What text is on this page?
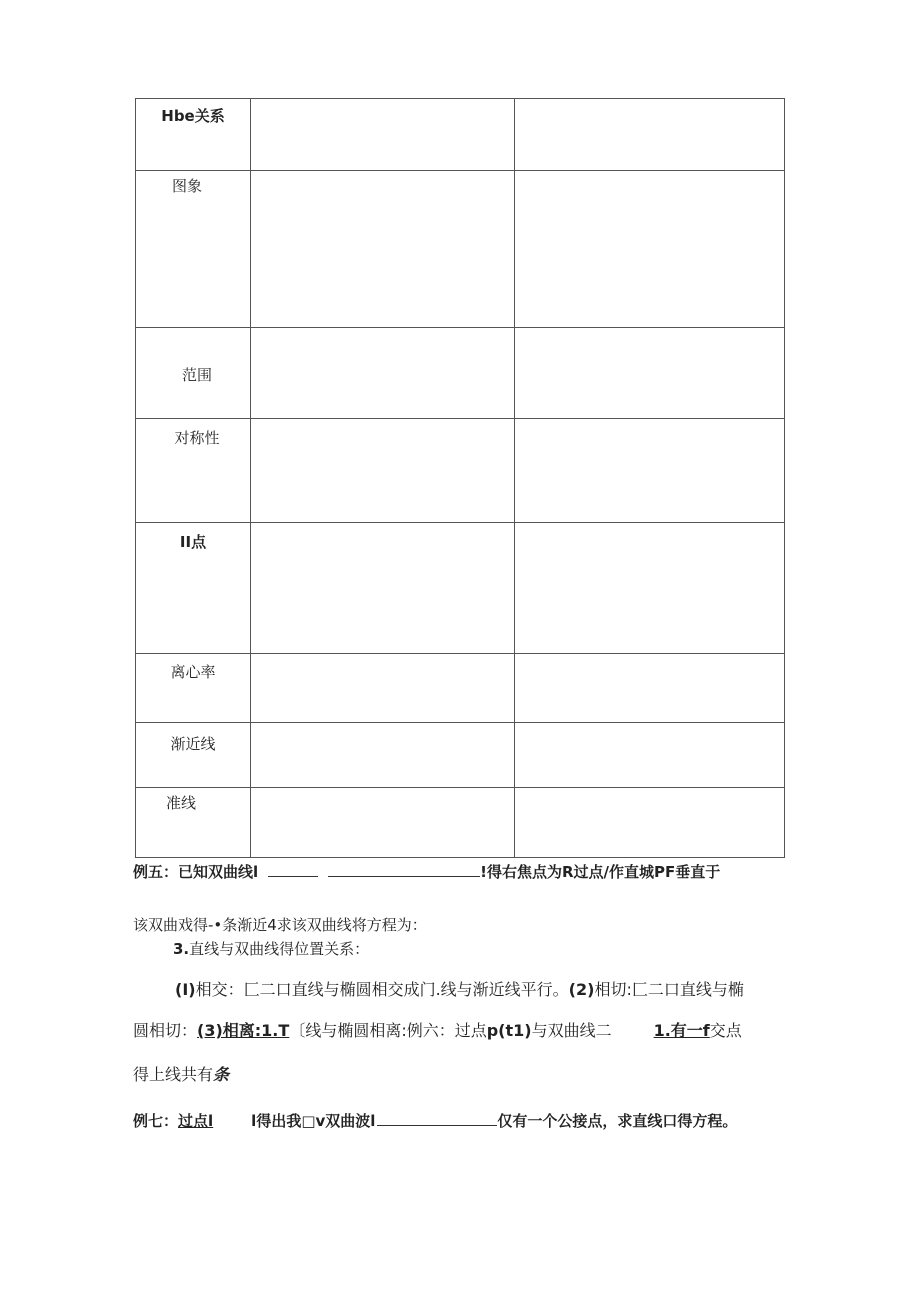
Hbe关系		

图象		

范围		

对称性		

II点		

离心率		

渐近线		

准线		

例五：已知双曲线l	!得右焦点为R过点/作直城PF垂直于
该双曲戏得-•条渐近4求该双曲线将方程为：
3.直线与双曲线得位置关系：
(I)相交：匚二口直线与椭圆相交成门.线与渐近线平行。(2)相切:匚二口直线与椭
圆相切：(3)相离:1.T〔线与椭圆相离:例六：过点p(t1)与双曲线二	1.有一f交点
得上线共有条
例七：过点l	l得出我□v双曲波l	仅有一个公接点，求直线口得方程。
